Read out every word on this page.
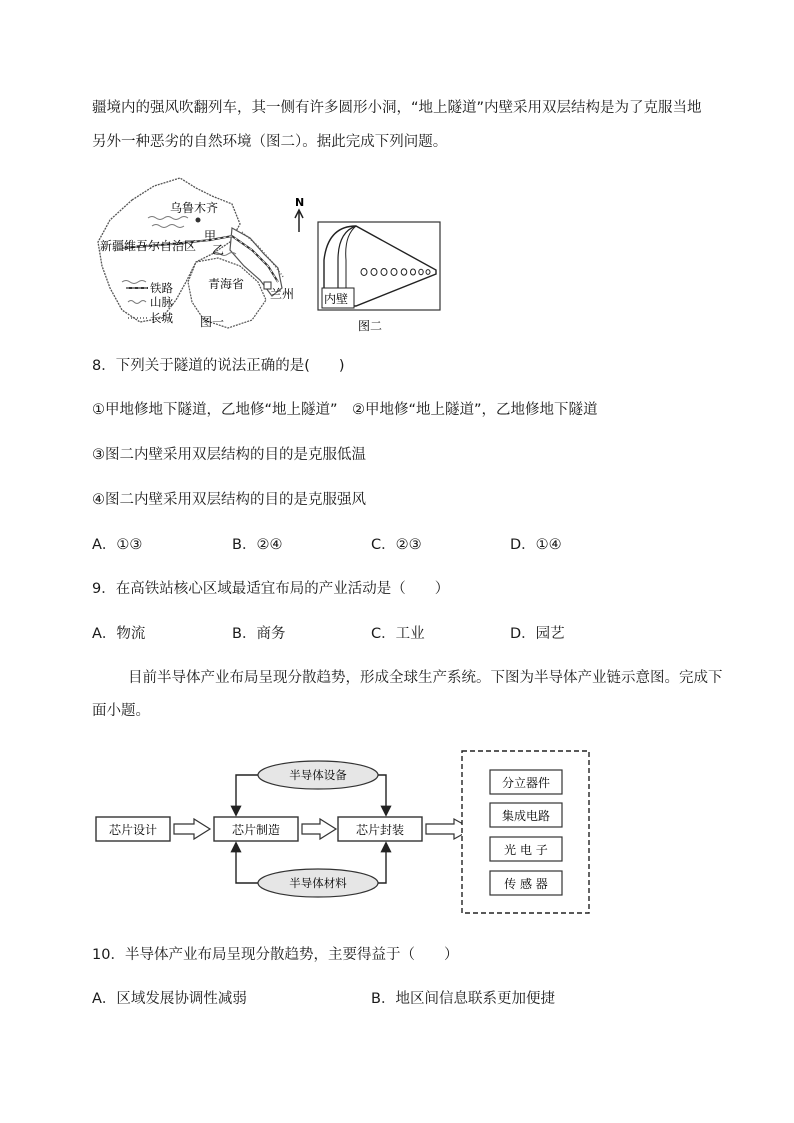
疆境内的强风吹翻列车，其一侧有许多圆形小洞，“地上隧道”内壁采用双层结构是为了克服当地
另外一种恶劣的自然环境（图二）。据此完成下列问题。
乌鲁木齐
甲
新疆维吾尔自治区 乙
青海省
兰州
N
铁路
山脉
长城 图一
内壁
图二
8．下列关于隧道的说法正确的是(　　)
①甲地修地下隧道，乙地修“地上隧道”　②甲地修“地上隧道”，乙地修地下隧道
③图二内壁采用双层结构的目的是克服低温
④图二内壁采用双层结构的目的是克服强风
A．①③	B．②④	C．②③	D．①④
9．在高铁站核心区域最适宜布局的产业活动是（　　）
A．物流	B．商务	C．工业	D．园艺
目前半导体产业布局呈现分散趋势，形成全球生产系统。下图为半导体产业链示意图。完成下
面小题。
芯片设计	芯片制造	芯片封装
半导体设备
半导体材料
分立器件
集成电路
光 电 子
传 感 器
10．半导体产业布局呈现分散趋势，主要得益于（　　）
A．区域发展协调性减弱	B．地区间信息联系更加便捷
